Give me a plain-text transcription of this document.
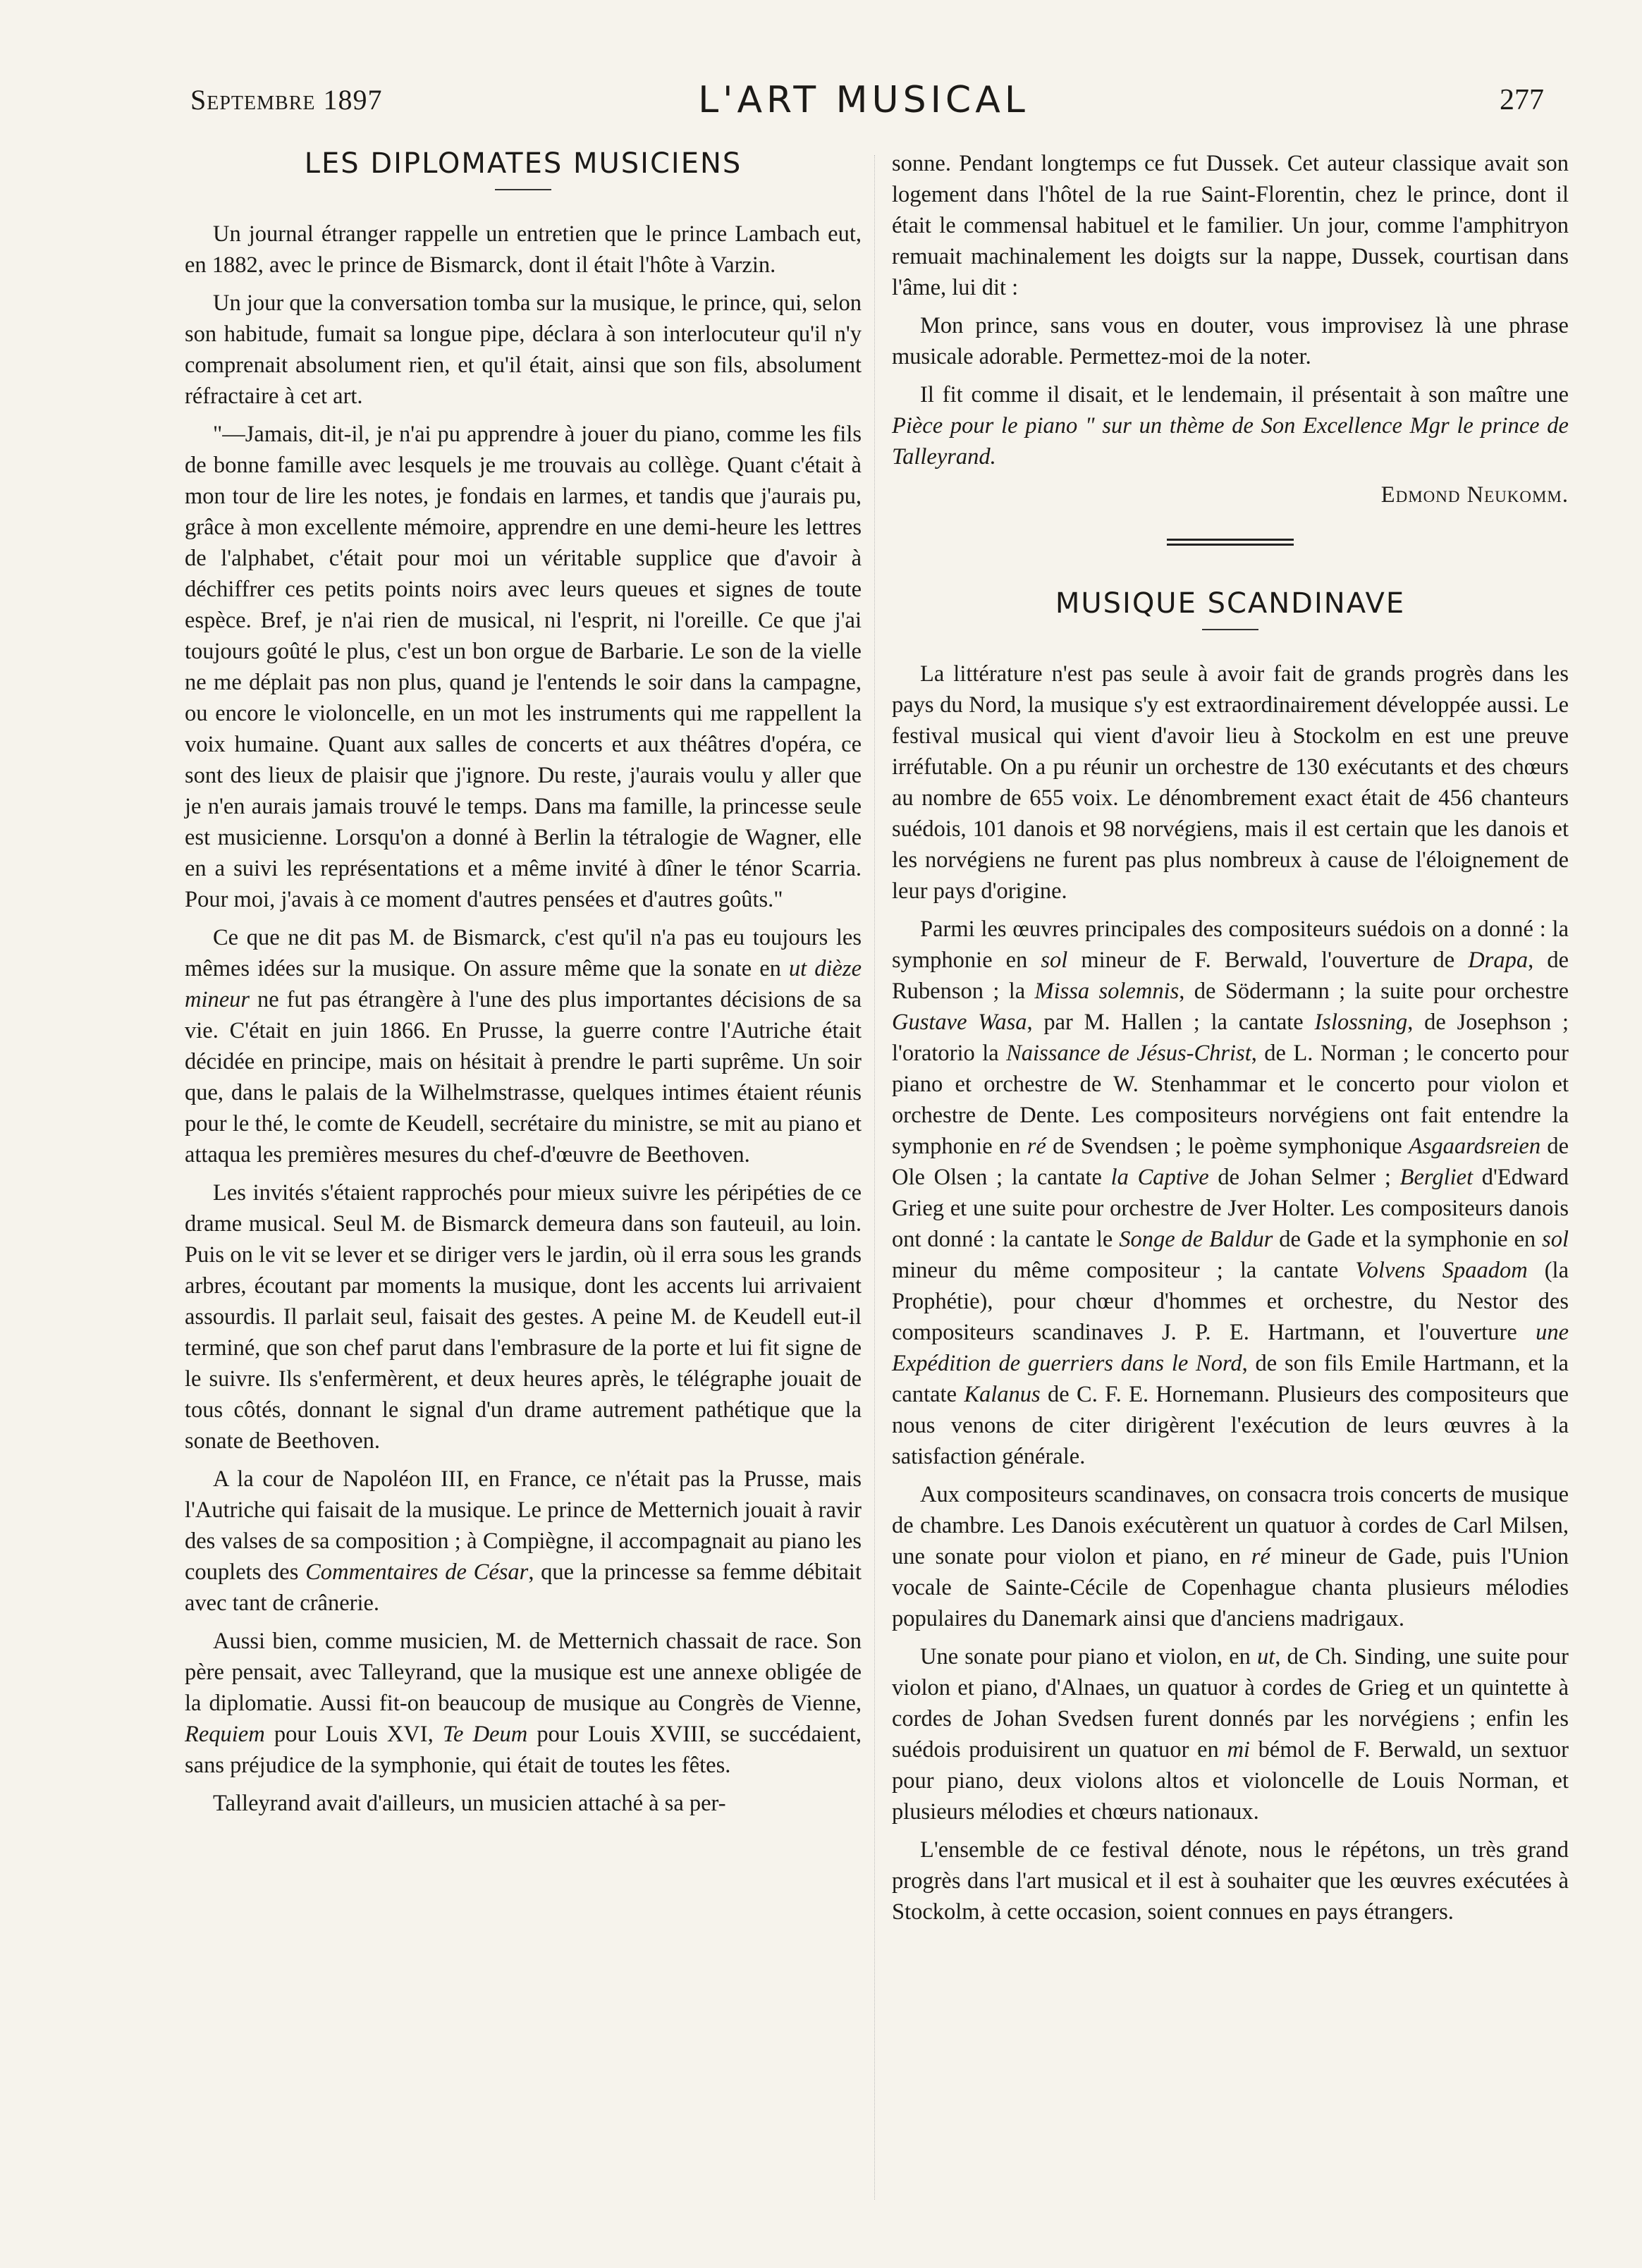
Septembre 1897	L'ART MUSICAL	277
LES DIPLOMATES MUSICIENS

Un journal étranger rappelle un entretien que le prince Lambach eut, en 1882, avec le prince de Bismarck, dont il était l'hôte à Varzin.

Un jour que la conversation tomba sur la musique, le prince, qui, selon son habitude, fumait sa longue pipe, déclara à son interlocuteur qu'il n'y comprenait absolument rien, et qu'il était, ainsi que son fils, absolument réfractaire à cet art.

"—Jamais, dit-il, je n'ai pu apprendre à jouer du piano, comme les fils de bonne famille avec lesquels je me trouvais au collège. Quant c'était à mon tour de lire les notes, je fondais en larmes, et tandis que j'aurais pu, grâce à mon excellente mémoire, apprendre en une demi-heure les lettres de l'alphabet, c'était pour moi un véritable supplice que d'avoir à déchiffrer ces petits points noirs avec leurs queues et signes de toute espèce. Bref, je n'ai rien de musical, ni l'esprit, ni l'oreille. Ce que j'ai toujours goûté le plus, c'est un bon orgue de Barbarie. Le son de la vielle ne me déplait pas non plus, quand je l'entends le soir dans la campagne, ou encore le violoncelle, en un mot les instruments qui me rappellent la voix humaine. Quant aux salles de concerts et aux théâtres d'opéra, ce sont des lieux de plaisir que j'ignore. Du reste, j'aurais voulu y aller que je n'en aurais jamais trouvé le temps. Dans ma famille, la princesse seule est musicienne. Lorsqu'on a donné à Berlin la tétralogie de Wagner, elle en a suivi les représentations et a même invité à dîner le ténor Scarria. Pour moi, j'avais à ce moment d'autres pensées et d'autres goûts."

Ce que ne dit pas M. de Bismarck, c'est qu'il n'a pas eu toujours les mêmes idées sur la musique. On assure même que la sonate en ut dièze mineur ne fut pas étrangère à l'une des plus importantes décisions de sa vie. C'était en juin 1866. En Prusse, la guerre contre l'Autriche était décidée en principe, mais on hésitait à prendre le parti suprême. Un soir que, dans le palais de la Wilhelmstrasse, quelques intimes étaient réunis pour le thé, le comte de Keudell, secrétaire du ministre, se mit au piano et attaqua les premières mesures du chef-d'œuvre de Beethoven.

Les invités s'étaient rapprochés pour mieux suivre les péripéties de ce drame musical. Seul M. de Bismarck demeura dans son fauteuil, au loin. Puis on le vit se lever et se diriger vers le jardin, où il erra sous les grands arbres, écoutant par moments la musique, dont les accents lui arrivaient assourdis. Il parlait seul, faisait des gestes. A peine M. de Keudell eut-il terminé, que son chef parut dans l'embrasure de la porte et lui fit signe de le suivre. Ils s'enfermèrent, et deux heures après, le télégraphe jouait de tous côtés, donnant le signal d'un drame autrement pathétique que la sonate de Beethoven.

A la cour de Napoléon III, en France, ce n'était pas la Prusse, mais l'Autriche qui faisait de la musique. Le prince de Metternich jouait à ravir des valses de sa composition ; à Compiègne, il accompagnait au piano les couplets des Commentaires de César, que la princesse sa femme débitait avec tant de crânerie.

Aussi bien, comme musicien, M. de Metternich chassait de race. Son père pensait, avec Talleyrand, que la musique est une annexe obligée de la diplomatie. Aussi fit-on beaucoup de musique au Congrès de Vienne, Requiem pour Louis XVI, Te Deum pour Louis XVIII, se succédaient, sans préjudice de la symphonie, qui était de toutes les fêtes.

Talleyrand avait d'ailleurs, un musicien attaché à sa per-

sonne. Pendant longtemps ce fut Dussek. Cet auteur classique avait son logement dans l'hôtel de la rue Saint-Florentin, chez le prince, dont il était le commensal habituel et le familier. Un jour, comme l'amphitryon remuait machinalement les doigts sur la nappe, Dussek, courtisan dans l'âme, lui dit :

Mon prince, sans vous en douter, vous improvisez là une phrase musicale adorable. Permettez-moi de la noter.

Il fit comme il disait, et le lendemain, il présentait à son maître une Pièce pour le piano " sur un thème de Son Excellence Mgr le prince de Talleyrand.

Edmond Neukomm.
MUSIQUE SCANDINAVE

La littérature n'est pas seule à avoir fait de grands progrès dans les pays du Nord, la musique s'y est extraordinairement développée aussi. Le festival musical qui vient d'avoir lieu à Stockolm en est une preuve irréfutable. On a pu réunir un orchestre de 130 exécutants et des chœurs au nombre de 655 voix. Le dénombrement exact était de 456 chanteurs suédois, 101 danois et 98 norvégiens, mais il est certain que les danois et les norvégiens ne furent pas plus nombreux à cause de l'éloignement de leur pays d'origine.

Parmi les œuvres principales des compositeurs suédois on a donné : la symphonie en sol mineur de F. Berwald, l'ouverture de Drapa, de Rubenson ; la Missa solemnis, de Södermann ; la suite pour orchestre Gustave Wasa, par M. Hallen ; la cantate Islossning, de Josephson ; l'oratorio la Naissance de Jésus-Christ, de L. Norman ; le concerto pour piano et orchestre de W. Stenhammar et le concerto pour violon et orchestre de Dente. Les compositeurs norvégiens ont fait entendre la symphonie en ré de Svendsen ; le poème symphonique Asgaardsreien de Ole Olsen ; la cantate la Captive de Johan Selmer ; Bergliet d'Edward Grieg et une suite pour orchestre de Jver Holter. Les compositeurs danois ont donné : la cantate le Songe de Baldur de Gade et la symphonie en sol mineur du même compositeur ; la cantate Volvens Spaadom (la Prophétie), pour chœur d'hommes et orchestre, du Nestor des compositeurs scandinaves J. P. E. Hartmann, et l'ouverture une Expédition de guerriers dans le Nord, de son fils Emile Hartmann, et la cantate Kalanus de C. F. E. Hornemann. Plusieurs des compositeurs que nous venons de citer dirigèrent l'exécution de leurs œuvres à la satisfaction générale.

Aux compositeurs scandinaves, on consacra trois concerts de musique de chambre. Les Danois exécutèrent un quatuor à cordes de Carl Milsen, une sonate pour violon et piano, en ré mineur de Gade, puis l'Union vocale de Sainte-Cécile de Copenhague chanta plusieurs mélodies populaires du Danemark ainsi que d'anciens madrigaux.

Une sonate pour piano et violon, en ut, de Ch. Sinding, une suite pour violon et piano, d'Alnaes, un quatuor à cordes de Grieg et un quintette à cordes de Johan Svedsen furent donnés par les norvégiens ; enfin les suédois produisirent un quatuor en mi bémol de F. Berwald, un sextuor pour piano, deux violons altos et violoncelle de Louis Norman, et plusieurs mélodies et chœurs nationaux.

L'ensemble de ce festival dénote, nous le répétons, un très grand progrès dans l'art musical et il est à souhaiter que les œuvres exécutées à Stockolm, à cette occasion, soient connues en pays étrangers.
